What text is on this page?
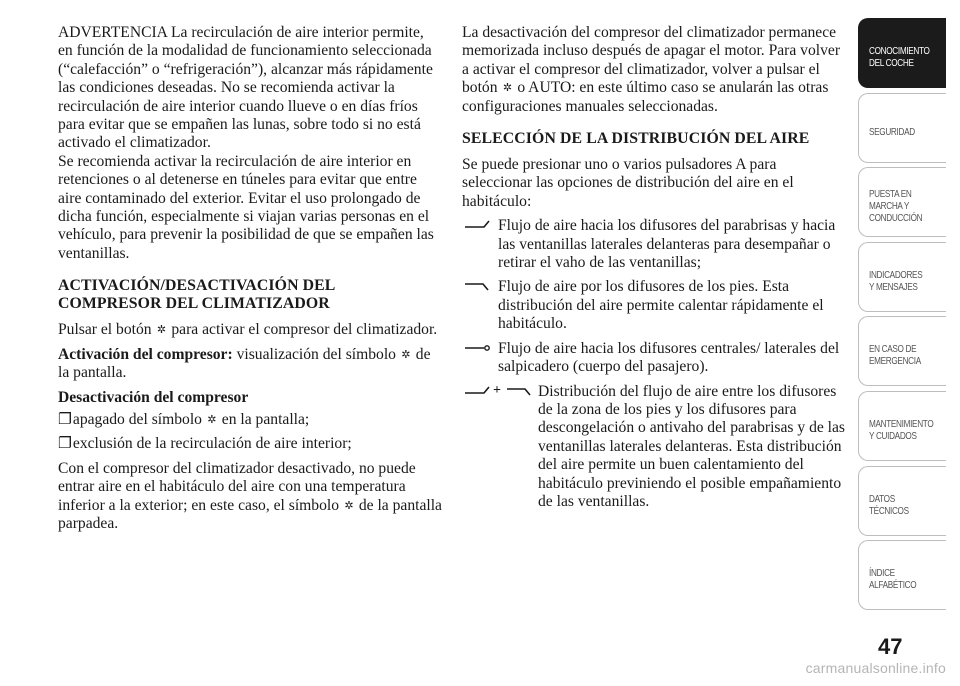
ADVERTENCIA La recirculación de aire interior permite, en función de la modalidad de funcionamiento seleccionada (“calefacción” o “refrigeración”), alcanzar más rápidamente las condiciones deseadas. No se recomienda activar la recirculación de aire interior cuando llueve o en días fríos para evitar que se empañen las lunas, sobre todo si no está activado el climatizador.

Se recomienda activar la recirculación de aire interior en retenciones o al detenerse en túneles para evitar que entre aire contaminado del exterior. Evitar el uso prolongado de dicha función, especialmente si viajan varias personas en el vehículo, para prevenir la posibilidad de que se empañen las ventanillas.

ACTIVACIÓN/DESACTIVACIÓN DEL COMPRESOR DEL CLIMATIZADOR

Pulsar el botón ✲ para activar el compresor del climatizador.

Activación del compresor: visualización del símbolo ✲ de la pantalla.

Desactivación del compresor

❐ apagado del símbolo ✲ en la pantalla;

❐ exclusión de la recirculación de aire interior;

Con el compresor del climatizador desactivado, no puede entrar aire en el habitáculo del aire con una temperatura inferior a la exterior; en este caso, el símbolo ✲ de la pantalla parpadea.

La desactivación del compresor del climatizador permanece memorizada incluso después de apagar el motor. Para volver a activar el compresor del climatizador, volver a pulsar el botón ✲ o AUTO: en este último caso se anularán las otras configuraciones manuales seleccionadas.

SELECCIÓN DE LA DISTRIBUCIÓN DEL AIRE

Se puede presionar uno o varios pulsadores A para seleccionar las opciones de distribución del aire en el habitáculo:

Flujo de aire hacia los difusores del parabrisas y hacia las ventanillas laterales delanteras para desempañar o retirar el vaho de las ventanillas;
Flujo de aire por los difusores de los pies. Esta distribución del aire permite calentar rápidamente el habitáculo.
Flujo de aire hacia los difusores centrales/ laterales del salpicadero (cuerpo del pasajero).
+ Distribución del flujo de aire entre los difusores de la zona de los pies y los difusores para descongelación o antivaho del parabrisas y de las ventanillas laterales delanteras. Esta distribución del aire permite un buen calentamiento del habitáculo previniendo el posible empañamiento de las ventanillas.
CONOCIMIENTO DEL COCHE
SEGURIDAD
PUESTA EN MARCHA Y CONDUCCIÓN
INDICADORES Y MENSAJES
EN CASO DE EMERGENCIA
MANTENIMIENTO Y CUIDADOS
DATOS TÉCNICOS
ÍNDICE ALFABÉTICO
47
carmanualsonline.info
